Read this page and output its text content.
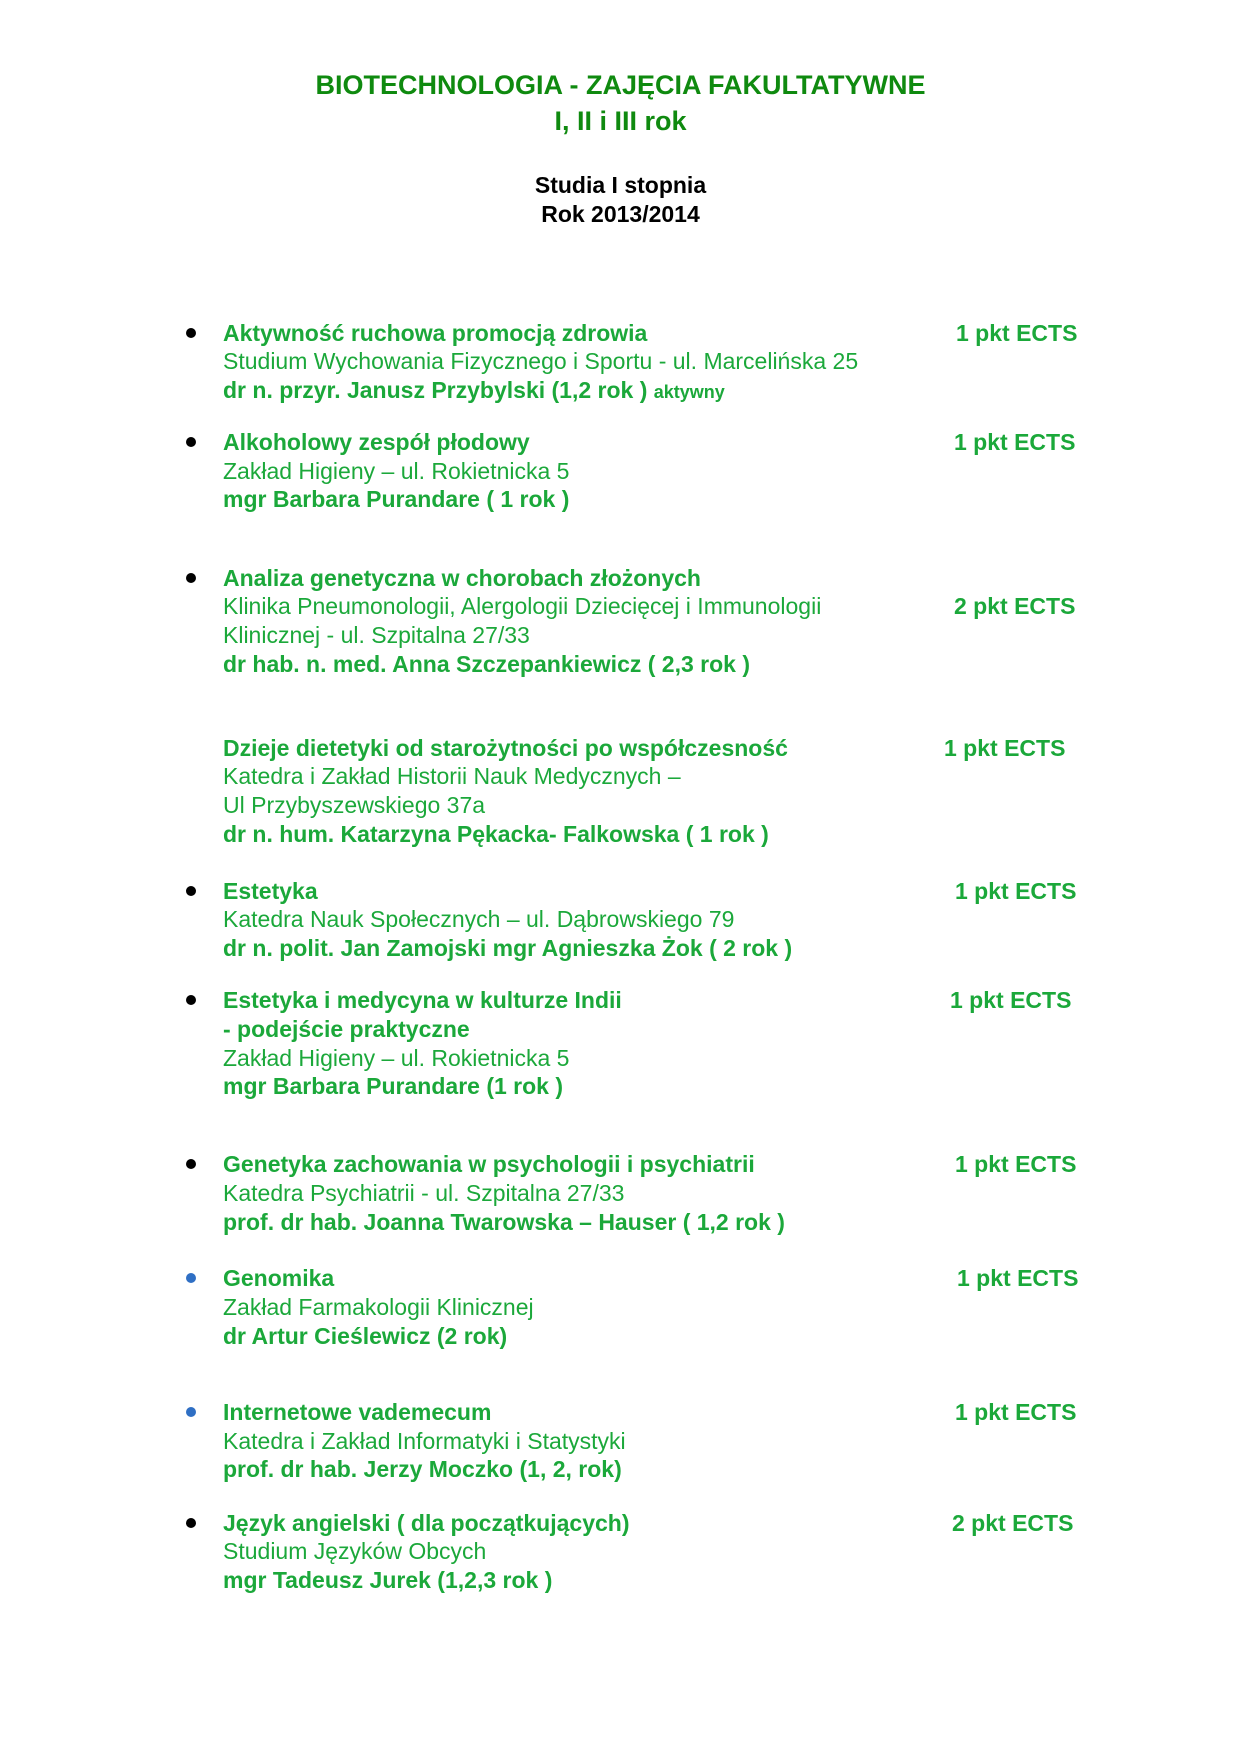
BIOTECHNOLOGIA - ZAJĘCIA FAKULTATYWNE
I, II i III rok
Studia I stopnia
Rok 2013/2014
Aktywność ruchowa promocją zdrowia	1 pkt ECTS
Studium Wychowania Fizycznego i Sportu - ul. Marcelińska 25
dr n. przyr. Janusz Przybylski (1,2 rok ) aktywny
Alkoholowy zespół płodowy	1 pkt ECTS
Zakład Higieny – ul. Rokietnicka 5
mgr Barbara Purandare ( 1 rok )
Analiza genetyczna w chorobach złożonych
2 pkt ECTS
Klinika Pneumonologii, Alergologii Dziecięcej i Immunologii
Klinicznej - ul. Szpitalna 27/33
dr hab. n. med. Anna Szczepankiewicz ( 2,3 rok )
Dzieje dietetyki od starożytności po współczesność	1 pkt ECTS
Katedra i Zakład Historii Nauk Medycznych –
Ul Przybyszewskiego 37a
dr n. hum. Katarzyna Pękacka- Falkowska ( 1 rok )
Estetyka	1 pkt ECTS
Katedra Nauk Społecznych – ul. Dąbrowskiego 79
dr n. polit. Jan Zamojski mgr Agnieszka Żok ( 2 rok )
Estetyka i medycyna w kulturze Indii	1 pkt ECTS
- podejście praktyczne
Zakład Higieny – ul. Rokietnicka 5
mgr Barbara Purandare (1 rok )
Genetyka zachowania w psychologii i psychiatrii	1 pkt ECTS
Katedra Psychiatrii - ul. Szpitalna 27/33
prof. dr hab. Joanna Twarowska – Hauser ( 1,2 rok )
Genomika	1 pkt ECTS
Zakład Farmakologii Klinicznej
dr Artur Cieślewicz (2 rok)
Internetowe vademecum	1 pkt ECTS
Katedra i Zakład Informatyki i Statystyki
prof. dr hab. Jerzy Moczko (1, 2, rok)
Język angielski ( dla początkujących)	2 pkt ECTS
Studium Języków Obcych
mgr Tadeusz Jurek (1,2,3 rok )
